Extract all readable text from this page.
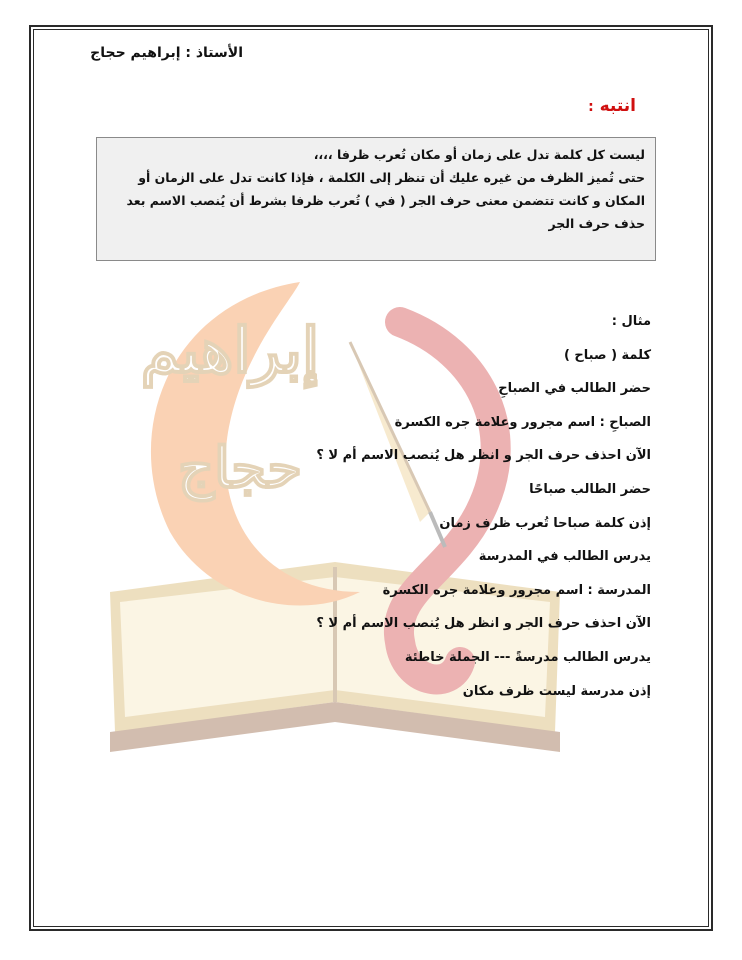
إبراهيم
حجاج
الأستاذ : إبراهيم حجاج
انتبه :

ليست كل كلمة تدل على زمان أو مكان تُعرب ظرفا ،،،،

حتى تُميز الظرف من غيره عليك أن تنظر إلى الكلمة ، فإذا كانت تدل على الزمان أو المكان و كانت تتضمن معنى حرف الجر ( في ) تُعرب ظرفا بشرط أن يُنصب الاسم بعد حذف حرف الجر

مثال :
كلمة ( صباح )
حضر الطالب في الصباحِ
الصباحِ : اسم مجرور وعلامة جره الكسرة
الآن احذف حرف الجر و انظر هل يُنصب الاسم أم لا ؟
حضر الطالب صباحًا
إذن كلمة صباحا تُعرب ظرف زمان
يدرس الطالب في المدرسة
المدرسة : اسم مجرور وعلامة جره الكسرة
الآن احذف حرف الجر و انظر هل يُنصب الاسم أم لا ؟
يدرس الطالب مدرسةً --- الجملة خاطئة
إذن مدرسة ليست ظرف مكان
